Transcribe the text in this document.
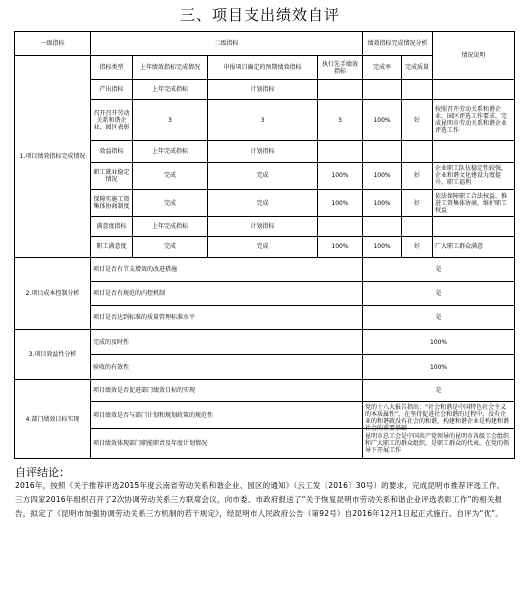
三、项目支出绩效自评
一级指标	二级指标				绩效指标完成情况分析		情况说明
1.项目绩效指标完成情况	指标类型	上年绩效指标完成情况	申报项目确定的预期绩效指标	执行先手绩效指标	完成率	完成质量	
	产出指标	上年完成指标	计划指标				

	召开召开劳动关系和谐企业、园区表彰	3	3	3	100%	好	按照召开劳动关系和谐企业、园区评选工作要求，完成昆明市劳动关系和谐企业评选工作

	效益指标	上年完成指标	计划指标				

	职工就业稳定情况	完成	完成	100%	100%	好	企业职工队伍稳定性较强，企业和谐文化建设力度提升，职工福利

	保障实施工资集体协商制度	完成	完成	100%	100%	好	依法保障职工合法权益，推进工资集体协商，维护职工权益

	满意度指标	上年完成指标	计划指标				
	职工满意度	完成	完成	100%	100%	好	广大职工群众满意
2.项目成本控制分析	项目是否有节支增效的改进措施				是		
	项目是否有规范的内控机制				是		
	项目是否达到标准的质量管理标准水平				是		
3.项目效益性分析	完成的及时性				100%		
	验收的有效性				100%		
4.部门绩效目标实现	项目绩效是否促进部门绩效目标的实现				是		
	项目绩效是否与部门计划和规划政策的规范性				党的十八大报告指出：“社会和谐是中国特色社会主义的本质属性”，在坚持促进社会和谐的过程中，没有企业的和谐就没有社会的和谐，构建和谐企业是构建和谐社会的重要基础		

	项目绩效体现部门职能职责及年度计划情况				昆明市总工会是中国共产党领导的昆明市各级工会组织和广大职工的群众组织，是职工群众的代表，在党的领导下开展工作		
自评结论：
2016年，按照《关于推荐评选2015年度云南省劳动关系和谐企业、园区的通知》（云工发〔2016〕30号）的要求，完成昆明市推荐评选工作。三方四家2016年组织召开了2次协调劳动关系三方联席会议，向市委、市政府报送了“关于恢复昆明市劳动关系和谐企业评选表彰工作”的相关报告，拟定了《昆明市加强协调劳动关系三方机制的若干规定》，经昆明市人民政府公告（第92号）自2016年12月1日起正式施行。自评为“优”。
